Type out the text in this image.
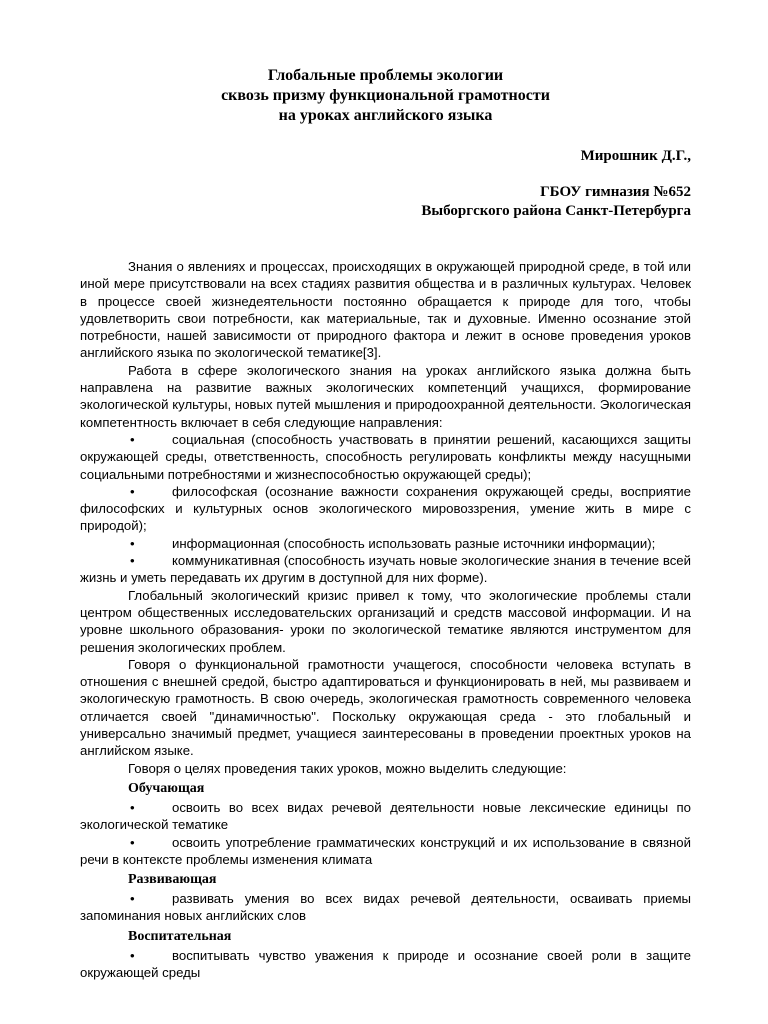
Глобальные проблемы экологии
сквозь призму функциональной грамотности
на уроках английского языка
Мирошник Д.Г.,
ГБОУ гимназия №652
Выборгского района Санкт-Петербурга

Знания о явлениях и процессах, происходящих в окружающей природной среде, в той или иной мере присутствовали на всех стадиях развития общества и в различных культурах. Человек в процессе своей жизнедеятельности постоянно обращается к природе для того, чтобы удовлетворить свои потребности, как материальные, так и духовные. Именно осознание этой потребности, нашей зависимости от природного фактора и лежит в основе проведения уроков английского языка по экологической тематике[3].

Работа в сфере экологического знания на уроках английского языка должна быть направлена на развитие важных экологических компетенций учащихся, формирование экологической культуры, новых путей мышления и природоохранной деятельности. Экологическая компетентность включает в себя следующие направления:

•	социальная (способность участвовать в принятии решений, касающихся защиты окружающей среды, ответственность, способность регулировать конфликты между насущными социальными потребностями и жизнеспособностью окружающей среды);
•	философская (осознание важности сохранения окружающей среды, восприятие философских и культурных основ экологического мировоззрения, умение жить в мире с природой);
•	информационная (способность использовать разные источники информации);
•	коммуникативная (способность изучать новые экологические знания в течение всей жизнь и уметь передавать их другим в доступной для них форме).

Глобальный экологический кризис привел к тому, что экологические проблемы стали центром общественных исследовательских организаций и средств массовой информации. И на уровне школьного образования- уроки по экологической тематике являются инструментом для решения экологических проблем.

Говоря о функциональной грамотности учащегося, способности человека вступать в отношения с внешней средой, быстро адаптироваться и функционировать в ней, мы развиваем и экологическую грамотность. В свою очередь, экологическая грамотность современного человека отличается своей "динамичностью". Поскольку окружающая среда - это глобальный и универсально значимый предмет, учащиеся заинтересованы в проведении проектных уроков на английском языке.

Говоря о целях проведения таких уроков, можно выделить следующие:

Обучающая
•	освоить во всех видах речевой деятельности новые лексические единицы по экологической тематике
•	освоить употребление грамматических конструкций и их использование в связной речи в контексте проблемы изменения климата
Развивающая
•	развивать умения во всех видах речевой деятельности, осваивать приемы запоминания новых английских слов
Воспитательная
•	воспитывать чувство уважения к природе и осознание своей роли в защите окружающей среды
